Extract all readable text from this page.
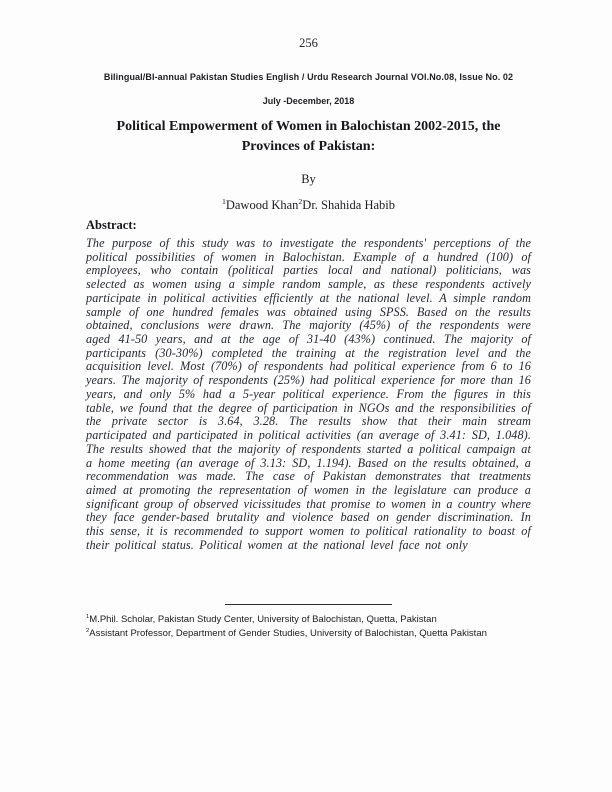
256
Bilingual/BI-annual Pakistan Studies English / Urdu Research Journal VOl.No.08, Issue No. 02
July -December, 2018
Political Empowerment of Women in Balochistan 2002-2015, the Provinces of Pakistan:
By
$^1$Dawood Khan$^2$Dr. Shahida Habib
Abstract:

The purpose of this study was to investigate the respondents' perceptions of the political possibilities of women in Balochistan. Example of a hundred (100) of employees, who contain (political parties local and national) politicians, was selected as women using a simple random sample, as these respondents actively participate in political activities efficiently at the national level. A simple random sample of one hundred females was obtained using SPSS. Based on the results obtained, conclusions were drawn. The majority (45%) of the respondents were aged 41-50 years, and at the age of 31-40 (43%) continued. The majority of participants (30-30%) completed the training at the registration level and the acquisition level. Most (70%) of respondents had political experience from 6 to 16 years. The majority of respondents (25%) had political experience for more than 16 years, and only 5% had a 5-year political experience. From the figures in this table, we found that the degree of participation in NGOs and the responsibilities of the private sector is 3.64, 3.28. The results show that their main stream participated and participated in political activities (an average of 3.41: SD, 1.048). The results showed that the majority of respondents started a political campaign at a home meeting (an average of 3.13: SD, 1.194). Based on the results obtained, a recommendation was made. The case of Pakistan demonstrates that treatments aimed at promoting the representation of women in the legislature can produce a significant group of observed vicissitudes that promise to women in a country where they face gender-based brutality and violence based on gender discrimination. In this sense, it is recommended to support women to political rationality to boast of their political status. Political women at the national level face not only

$^1$M.Phil. Scholar, Pakistan Study Center, University of Balochistan, Quetta, Pakistan

$^2$Assistant Professor, Department of Gender Studies, University of Balochistan, Quetta Pakistan
